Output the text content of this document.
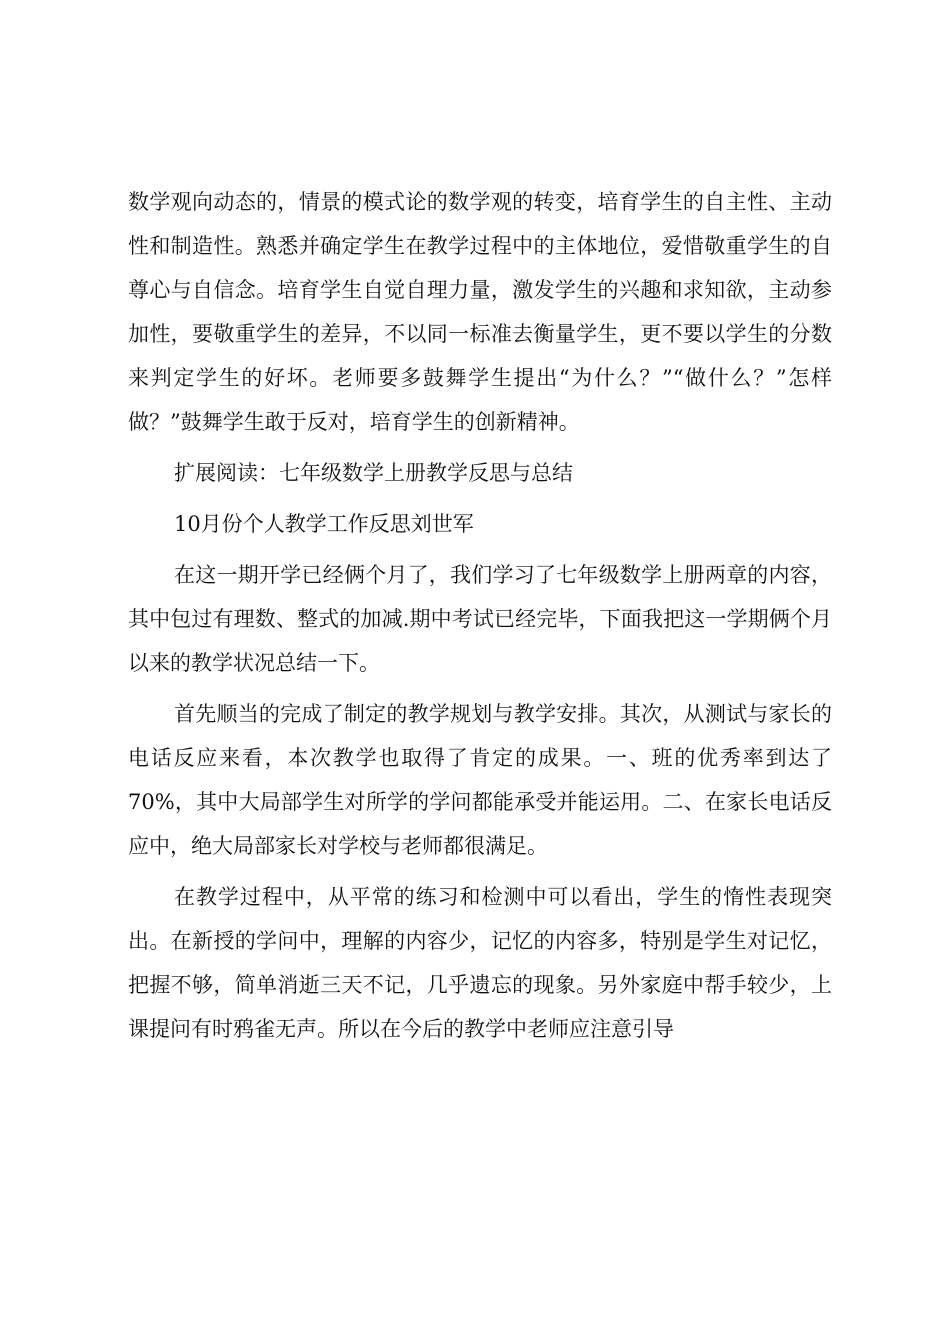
数学观向动态的，情景的模式论的数学观的转变，培育学生的自主性、主动性和制造性。熟悉并确定学生在教学过程中的主体地位，爱惜敬重学生的自尊心与自信念。培育学生自觉自理力量，激发学生的兴趣和求知欲，主动参加性，要敬重学生的差异，不以同一标准去衡量学生，更不要以学生的分数来判定学生的好坏。老师要多鼓舞学生提出“为什么？”“做什么？”怎样做？”鼓舞学生敢于反对，培育学生的创新精神。

扩展阅读：七年级数学上册教学反思与总结

10月份个人教学工作反思刘世军

在这一期开学已经俩个月了，我们学习了七年级数学上册两章的内容，其中包过有理数、整式的加减.期中考试已经完毕，下面我把这一学期俩个月以来的教学状况总结一下。

首先顺当的完成了制定的教学规划与教学安排。其次，从测试与家长的电话反应来看，本次教学也取得了肯定的成果。一、班的优秀率到达了70%，其中大局部学生对所学的学问都能承受并能运用。二、在家长电话反应中，绝大局部家长对学校与老师都很满足。

在教学过程中，从平常的练习和检测中可以看出，学生的惰性表现突出。在新授的学问中，理解的内容少，记忆的内容多，特别是学生对记忆，把握不够，简单消逝三天不记，几乎遗忘的现象。另外家庭中帮手较少，上课提问有时鸦雀无声。所以在今后的教学中老师应注意引导
